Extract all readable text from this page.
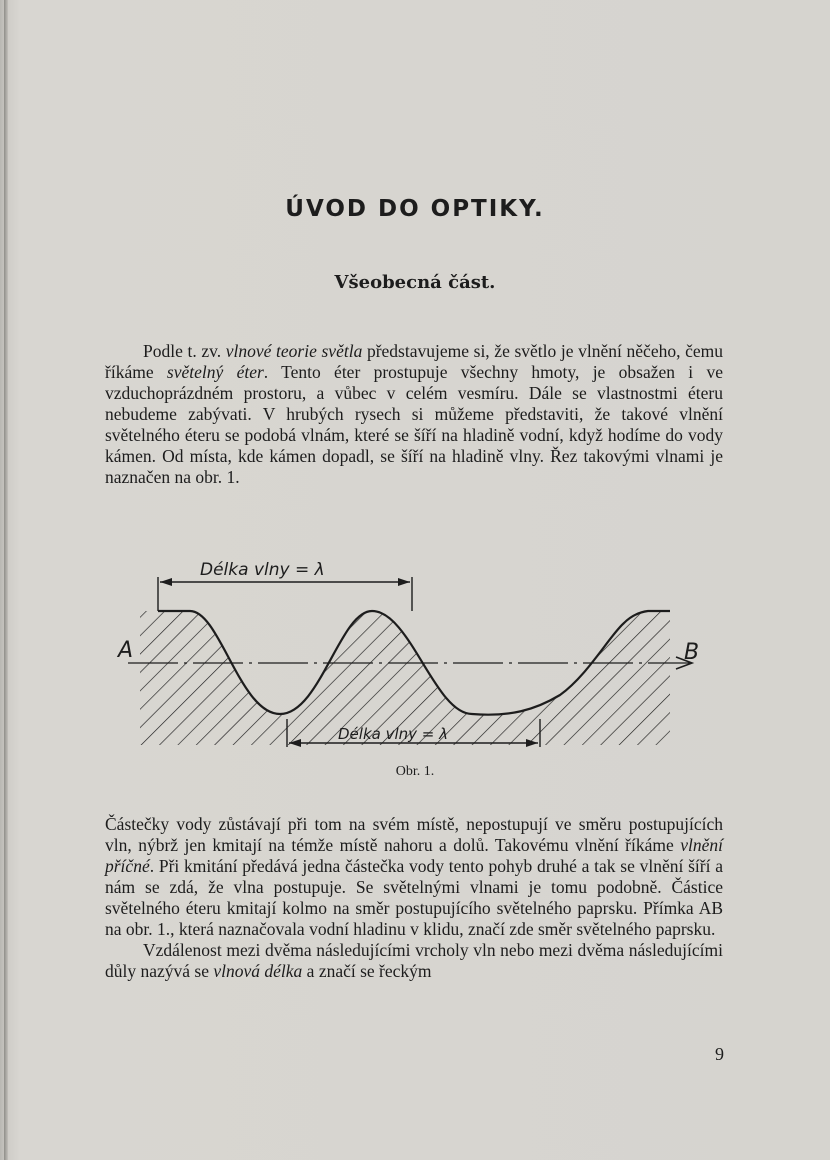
ÚVOD DO OPTIKY.
Všeobecná část.

Podle t. zv. vlnové teorie světla představujeme si, že světlo je vlnění něčeho, čemu říkáme světelný éter. Tento éter prostupuje všechny hmoty, je obsažen i ve vzduchoprázdném prostoru, a vůbec v celém vesmíru. Dále se vlastnostmi éteru nebudeme zabývati. V hrubých rysech si můžeme představiti, že takové vlnění světelného éteru se podobá vlnám, které se šíří na hladině vodní, když hodíme do vody kámen. Od místa, kde kámen dopadl, se šíří na hladině vlny. Řez takovými vlnami je naznačen na obr. 1.

Délka vlny = λ
Délka vlny = λ
A	B
Obr. 1.

Částečky vody zůstávají při tom na svém místě, nepostupují ve směru postupujících vln, nýbrž jen kmitají na témže místě nahoru a dolů. Takovému vlnění říkáme vlnění příčné. Při kmitání předává jedna částečka vody tento pohyb druhé a tak se vlnění šíří a nám se zdá, že vlna postupuje. Se světelnými vlnami je tomu podobně. Částice světelného éteru kmitají kolmo na směr postupujícího světelného paprsku. Přímka AB na obr. 1., která naznačovala vodní hladinu v klidu, značí zde směr světelného paprsku.

Vzdálenost mezi dvěma následujícími vrcholy vln nebo mezi dvěma následujícími důly nazývá se vlnová délka a značí se řeckým

9
